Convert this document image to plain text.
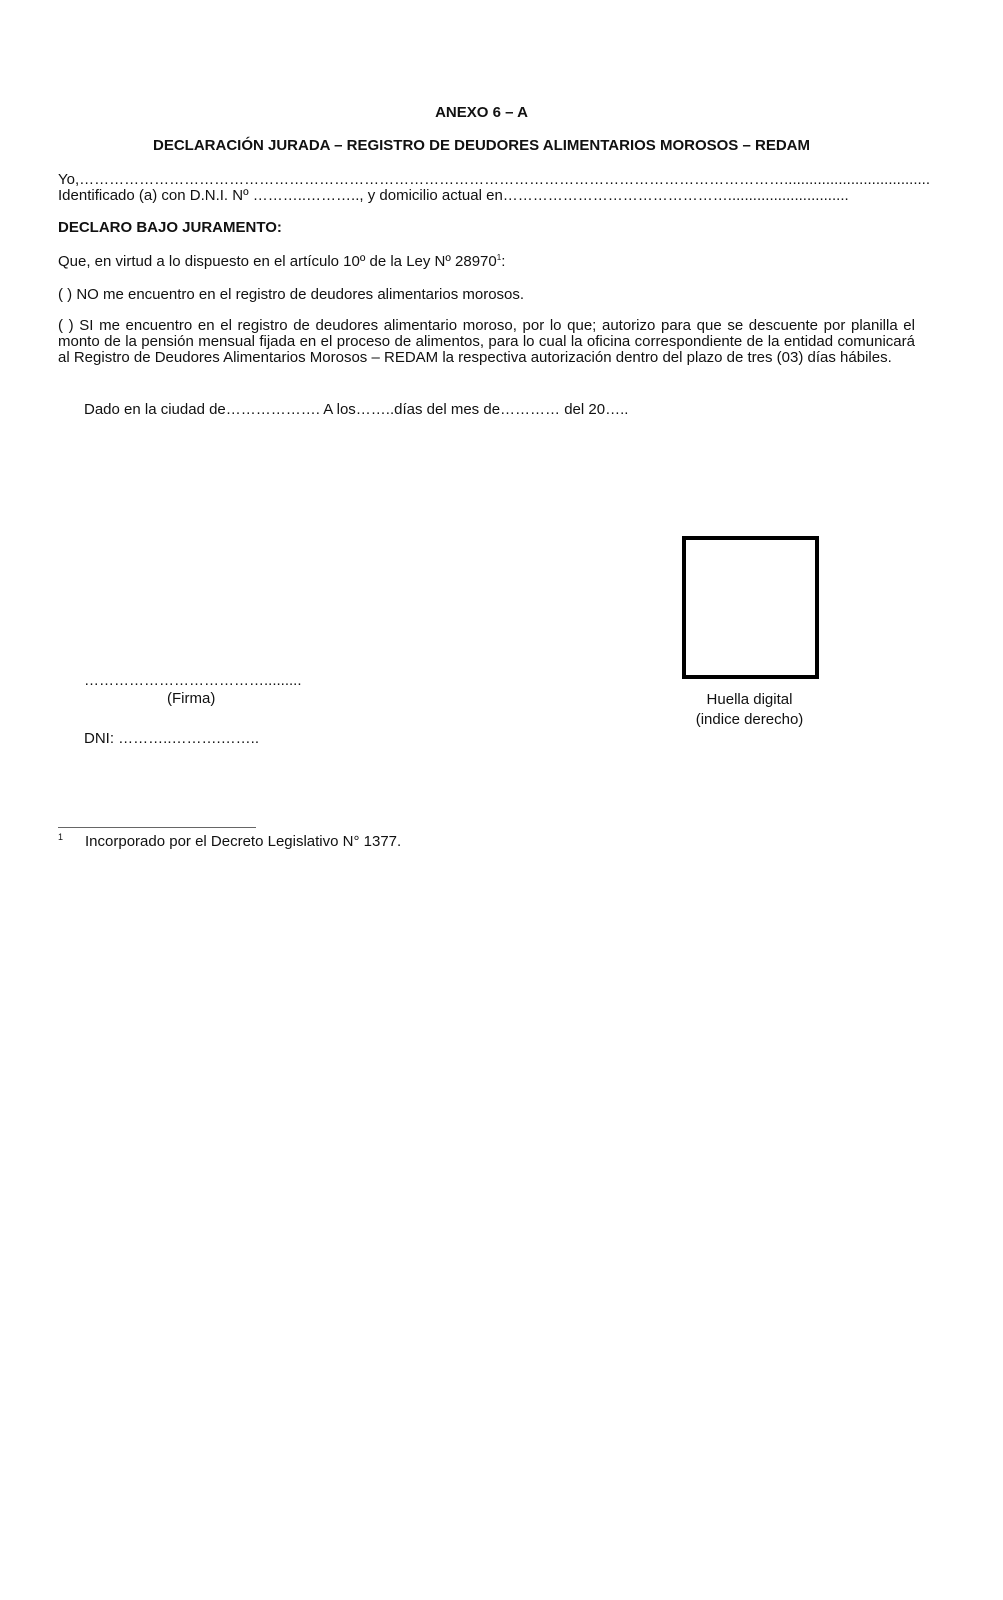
ANEXO 6 – A
DECLARACIÓN JURADA – REGISTRO DE DEUDORES ALIMENTARIOS MOROSOS – REDAM
Yo,……………………………………………………………………………………………………………………………...................................
Identificado (a) con D.N.I. Nº ………..……….., y domicilio actual en……………………………………….............................
DECLARO BAJO JURAMENTO:
Que, en virtud a lo dispuesto en el artículo 10º de la Ley Nº 28970$^1$:
( ) NO me encuentro en el registro de deudores alimentarios morosos.
( ) SI me encuentro en el registro de deudores alimentario moroso, por lo que; autorizo para que se descuente por planilla el monto de la pensión mensual fijada en el proceso de alimentos, para lo cual la oficina correspondiente de la entidad comunicará al Registro de Deudores Alimentarios Morosos – REDAM la respectiva autorización dentro del plazo de tres (03) días hábiles.
Dado en la ciudad de………………. A los……..días del mes de………… del 20…..
……………………………….........
(Firma)	Huella digital
(indice derecho)
DNI: ………..……….……..
1 Incorporado por el Decreto Legislativo N° 1377.
